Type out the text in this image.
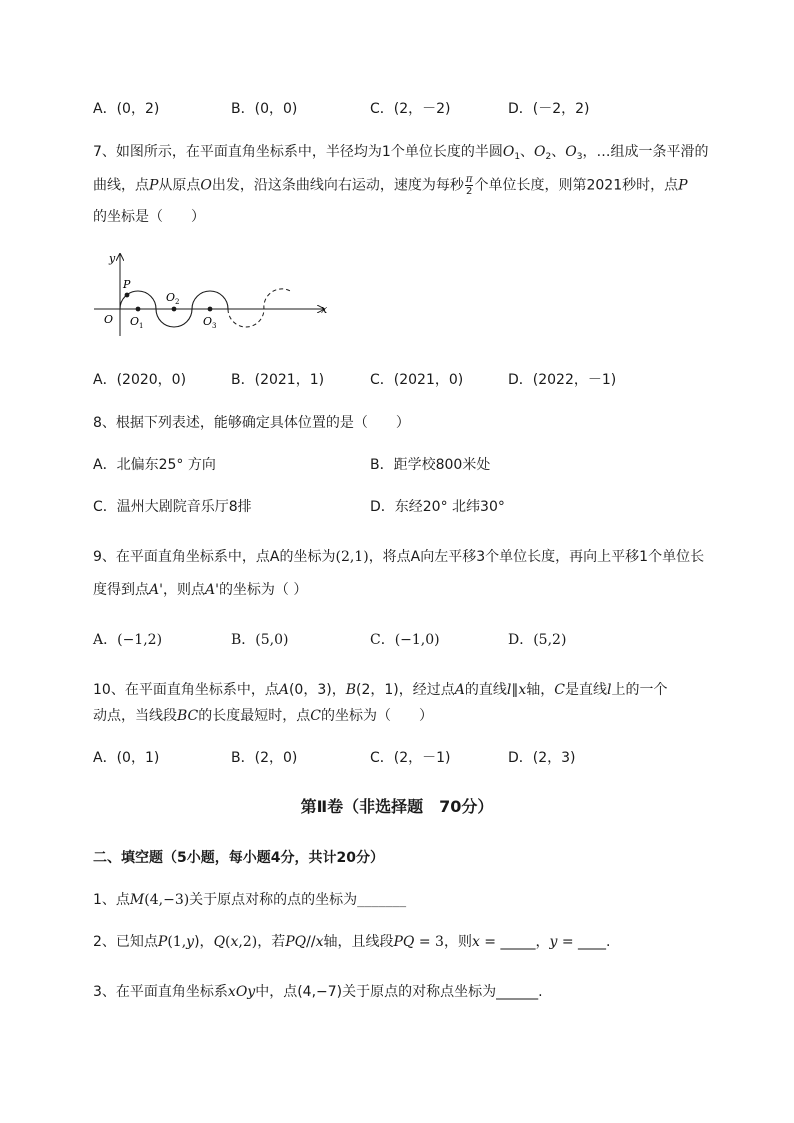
A．(0，2)	B．(0，0)	C．(2，－2)	D．(－2，2)
7、如图所示，在平面直角坐标系中，半径均为1个单位长度的半圆$O_1$、$O_2$、$O_3$，…组成一条平滑的
曲线，点P从原点O出发，沿这条曲线向右运动，速度为每秒 $\frac{\pi}{2}$ 个单位长度，则第2021秒时，点P
的坐标是（　　）
y
x
O
P
$O_1$
$O_2$
$O_3$
A．(2020，0)	B．(2021，1)	C．(2021，0)	D．(2022，－1)
8、根据下列表述，能够确定具体位置的是（　　）
A．北偏东25° 方向	B．距学校800米处
C．温州大剧院音乐厅8排	D．东经20° 北纬30°
9、在平面直角坐标系中，点A的坐标为(2,1)，将点A向左平移3个单位长度，再向上平移1个单位长
度得到点A'，则点A'的坐标为（ ）
A．(−1,2)	B．(5,0)	C．(−1,0)	D．(5,2)
10、在平面直角坐标系中，点A(0，3)，B(2，1)，经过点A的直线l∥x轴，C是直线l上的一个
动点，当线段BC的长度最短时，点C的坐标为（　　）
A．(0，1)	B．(2，0)	C．(2，－1)	D．(2，3)
第Ⅱ卷（非选择题　70分）
二、填空题（5小题，每小题4分，共计20分）
1、点M(4,−3)关于原点对称的点的坐标为_______
2、已知点P(1,y)，Q(x,2)，若PQ//x轴，且线段PQ = 3，则x = _____，y = ____.
3、在平面直角坐标系xOy中，点(4,−7)关于原点的对称点坐标为______.
